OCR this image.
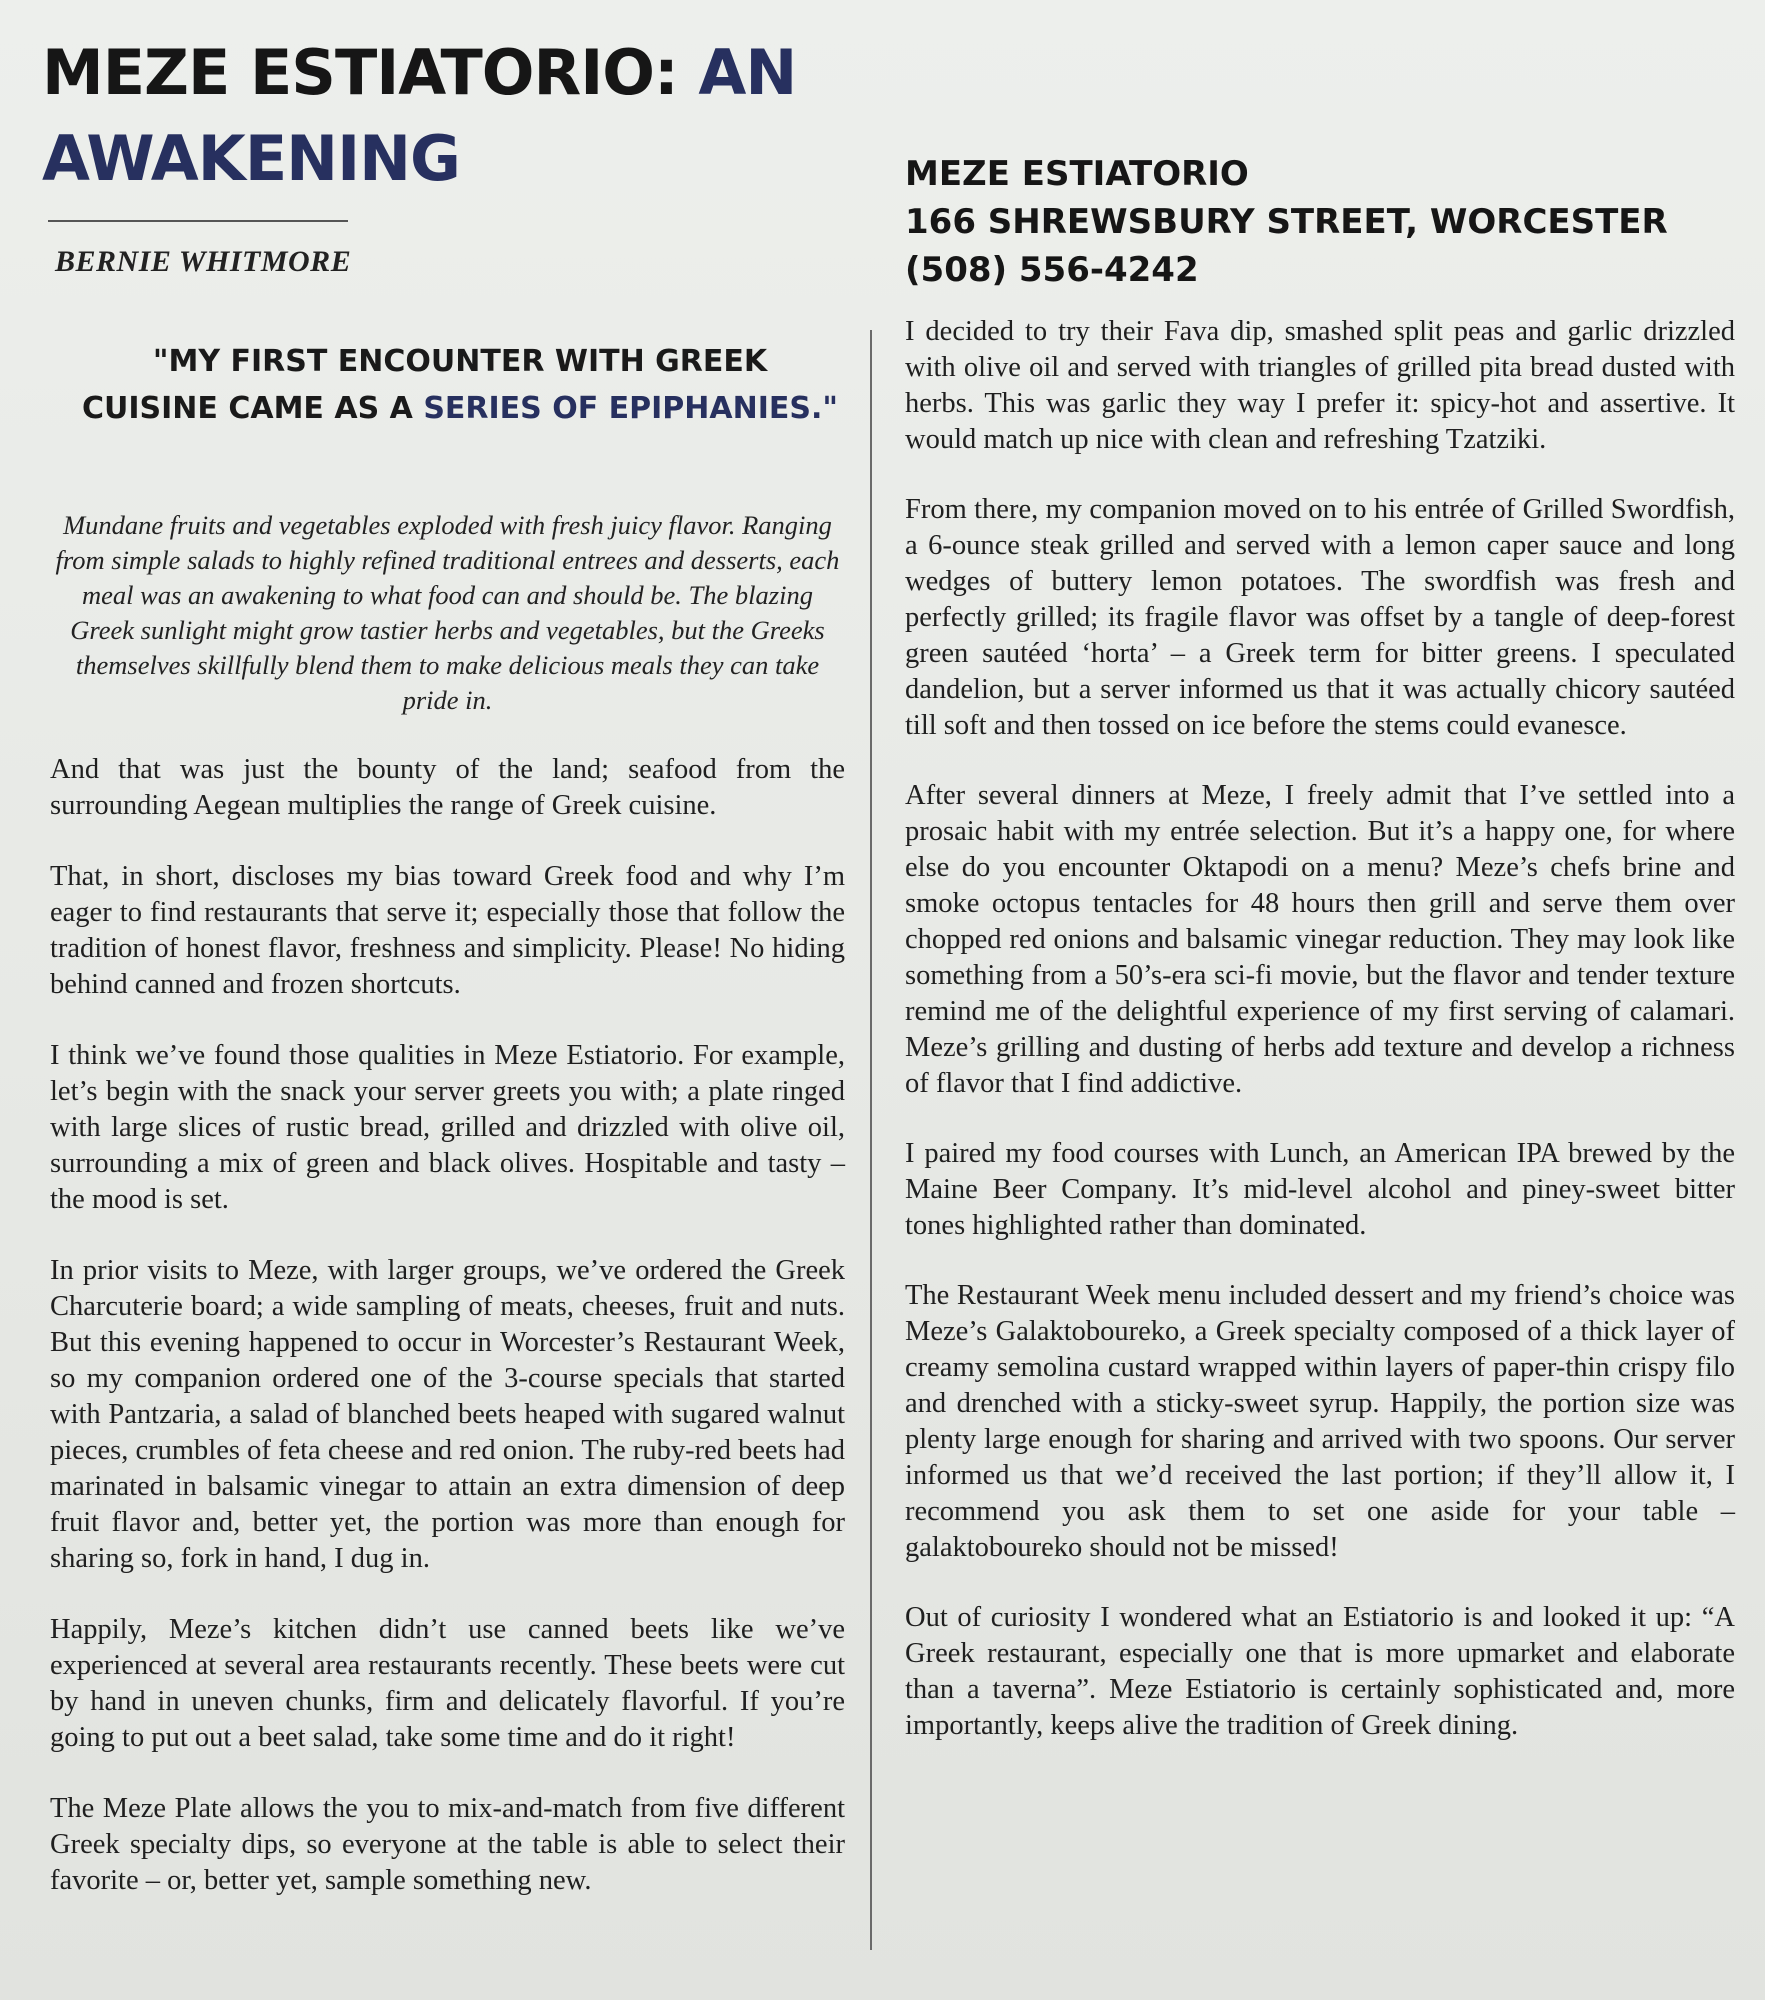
MEZE ESTIATORIO: AN AWAKENING
BERNIE WHITMORE

"MY FIRST ENCOUNTER WITH GREEK CUISINE CAME AS A SERIES OF EPIPHANIES."

Mundane fruits and vegetables exploded with fresh juicy flavor. Ranging from simple salads to highly refined traditional entrees and desserts, each meal was an awakening to what food can and should be. The blazing Greek sunlight might grow tastier herbs and vegetables, but the Greeks themselves skillfully blend them to make delicious meals they can take pride in.

And that was just the bounty of the land; seafood from the surrounding Aegean multiplies the range of Greek cuisine.

That, in short, discloses my bias toward Greek food and why I’m eager to find restaurants that serve it; especially those that follow the tradition of honest flavor, freshness and simplicity. Please! No hiding behind canned and frozen shortcuts.

I think we’ve found those qualities in Meze Estiatorio. For example, let’s begin with the snack your server greets you with; a plate ringed with large slices of rustic bread, grilled and drizzled with olive oil, surrounding a mix of green and black olives. Hospitable and tasty – the mood is set.

In prior visits to Meze, with larger groups, we’ve ordered the Greek Charcuterie board; a wide sampling of meats, cheeses, fruit and nuts. But this evening happened to occur in Worcester’s Restaurant Week, so my companion ordered one of the 3-course specials that started with Pantzaria, a salad of blanched beets heaped with sugared walnut pieces, crumbles of feta cheese and red onion. The ruby-red beets had marinated in balsamic vinegar to attain an extra dimension of deep fruit flavor and, better yet, the portion was more than enough for sharing so, fork in hand, I dug in.

Happily, Meze’s kitchen didn’t use canned beets like we’ve experienced at several area restaurants recently. These beets were cut by hand in uneven chunks, firm and delicately flavorful. If you’re going to put out a beet salad, take some time and do it right!

The Meze Plate allows the you to mix-and-match from five different Greek specialty dips, so everyone at the table is able to select their favorite – or, better yet, sample something new.

MEZE ESTIATORIO
166 SHREWSBURY STREET, WORCESTER
(508) 556-4242

I decided to try their Fava dip, smashed split peas and garlic drizzled with olive oil and served with triangles of grilled pita bread dusted with herbs. This was garlic they way I prefer it: spicy-hot and assertive. It would match up nice with clean and refreshing Tzatziki.

From there, my companion moved on to his entrée of Grilled Swordfish, a 6-ounce steak grilled and served with a lemon caper sauce and long wedges of buttery lemon potatoes. The swordfish was fresh and perfectly grilled; its fragile flavor was offset by a tangle of deep-forest green sautéed ‘horta’ – a Greek term for bitter greens. I speculated dandelion, but a server informed us that it was actually chicory sautéed till soft and then tossed on ice before the stems could evanesce.

After several dinners at Meze, I freely admit that I’ve settled into a prosaic habit with my entrée selection. But it’s a happy one, for where else do you encounter Oktapodi on a menu? Meze’s chefs brine and smoke octopus tentacles for 48 hours then grill and serve them over chopped red onions and balsamic vinegar reduction. They may look like something from a 50’s-era sci-fi movie, but the flavor and tender texture remind me of the delightful experience of my first serving of calamari. Meze’s grilling and dusting of herbs add texture and develop a richness of flavor that I find addictive.

I paired my food courses with Lunch, an American IPA brewed by the Maine Beer Company. It’s mid-level alcohol and piney-sweet bitter tones highlighted rather than dominated.

The Restaurant Week menu included dessert and my friend’s choice was Meze’s Galaktoboureko, a Greek specialty composed of a thick layer of creamy semolina custard wrapped within layers of paper-thin crispy filo and drenched with a sticky-sweet syrup. Happily, the portion size was plenty large enough for sharing and arrived with two spoons. Our server informed us that we’d received the last portion; if they’ll allow it, I recommend you ask them to set one aside for your table – galaktoboureko should not be missed!

Out of curiosity I wondered what an Estiatorio is and looked it up: “A Greek restaurant, especially one that is more upmarket and elaborate than a taverna”. Meze Estiatorio is certainly sophisticated and, more importantly, keeps alive the tradition of Greek dining.
